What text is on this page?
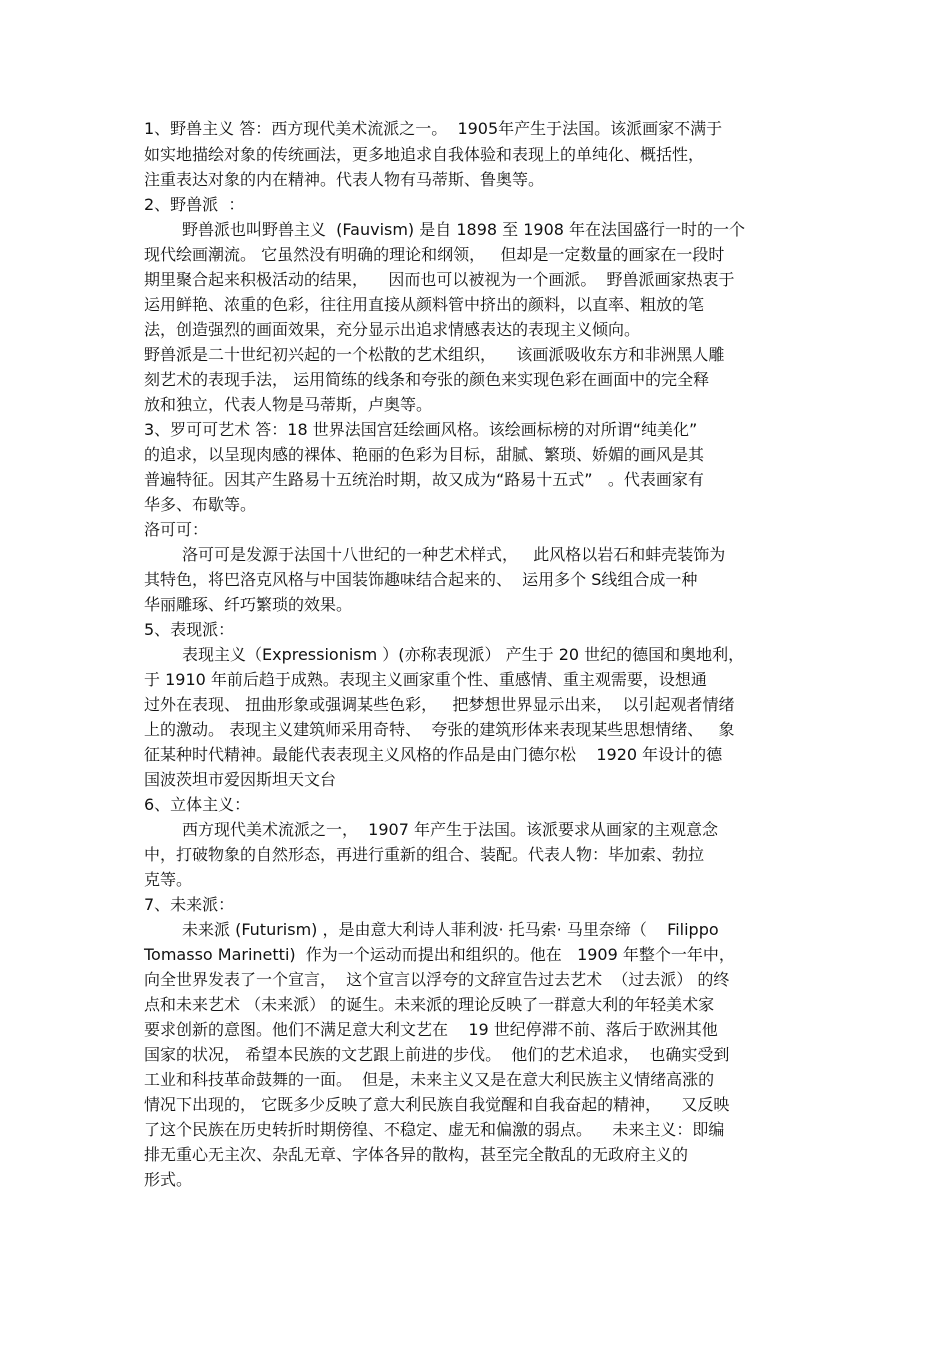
1、野兽主义 答：西方现代美术流派之一。  1905年产生于法国。该派画家不满于

如实地描绘对象的传统画法，更多地追求自我体验和表现上的单纯化、概括性，

注重表达对象的内在精神。代表人物有马蒂斯、鲁奥等。

2、野兽派  ：

野兽派也叫野兽主义  (Fauvism) 是自 1898 至 1908 年在法国盛行一时的一个

现代绘画潮流。 它虽然没有明确的理论和纲领，   但却是一定数量的画家在一段时

期里聚合起来积极活动的结果，    因而也可以被视为一个画派。  野兽派画家热衷于

运用鲜艳、浓重的色彩，往往用直接从颜料管中挤出的颜料，以直率、粗放的笔

法，创造强烈的画面效果，充分显示出追求情感表达的表现主义倾向。

野兽派是二十世纪初兴起的一个松散的艺术组织，    该画派吸收东方和非洲黑人雕

刻艺术的表现手法， 运用简练的线条和夸张的颜色来实现色彩在画面中的完全释

放和独立，代表人物是马蒂斯，卢奥等。

3、罗可可艺术 答：18 世界法国宫廷绘画风格。该绘画标榜的对所谓“纯美化”

的追求，以呈现肉感的裸体、艳丽的色彩为目标，甜腻、繁琐、娇媚的画风是其

普遍特征。因其产生路易十五统治时期，故又成为“路易十五式”   。代表画家有

华多、布歇等。

洛可可：

洛可可是发源于法国十八世纪的一种艺术样式，   此风格以岩石和蚌壳装饰为

其特色，将巴洛克风格与中国装饰趣味结合起来的、  运用多个 S线组合成一种

华丽雕琢、纤巧繁琐的效果。

5、表现派：

表现主义（Expressionism ）(亦称表现派） 产生于 20 世纪的德国和奥地利，

于 1910 年前后趋于成熟。表现主义画家重个性、重感情、重主观需要，设想通

过外在表现、 扭曲形象或强调某些色彩，   把梦想世界显示出来，  以引起观者情绪

上的激动。 表现主义建筑师采用奇特、  夸张的建筑形体来表现某些思想情绪、   象

征某种时代精神。最能代表表现主义风格的作品是由门德尔松    1920 年设计的德

国波茨坦市爱因斯坦天文台

6、立体主义：

西方现代美术流派之一，  1907 年产生于法国。该派要求从画家的主观意念

中，打破物象的自然形态，再进行重新的组合、装配。代表人物：毕加索、勃拉

克等。

7、未来派：

未来派 (Futurism) ，是由意大利诗人菲利波· 托马索· 马里奈缔（    Filippo

Tomasso Marinetti)  作为一个运动而提出和组织的。他在   1909 年整个一年中，

向全世界发表了一个宣言，  这个宣言以浮夸的文辞宣告过去艺术  （过去派） 的终

点和未来艺术 （未来派） 的诞生。未来派的理论反映了一群意大利的年轻美术家

要求创新的意图。他们不满足意大利文艺在    19 世纪停滞不前、落后于欧洲其他

国家的状况， 希望本民族的文艺跟上前进的步伐。  他们的艺术追求，  也确实受到

工业和科技革命鼓舞的一面。  但是，未来主义又是在意大利民族主义情绪高涨的

情况下出现的， 它既多少反映了意大利民族自我觉醒和自我奋起的精神，    又反映

了这个民族在历史转折时期傍徨、不稳定、虚无和偏激的弱点。    未来主义：即编

排无重心无主次、杂乱无章、字体各异的散构，甚至完全散乱的无政府主义的

形式。
